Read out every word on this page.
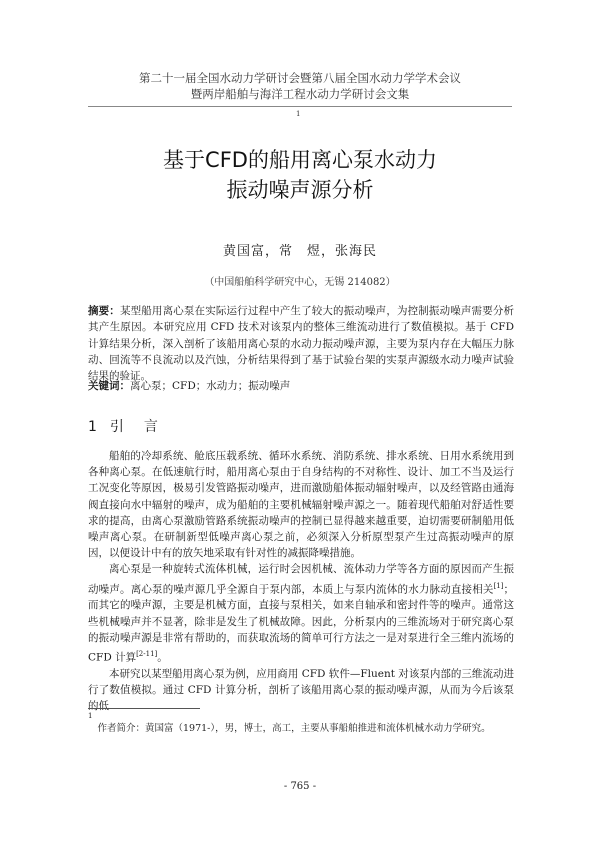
第二十一届全国水动力学研讨会暨第八届全国水动力学学术会议
暨两岸船舶与海洋工程水动力学研讨会文集
1
基于CFD的船用离心泵水动力
振动噪声源分析
黄国富，常　煜，张海民
（中国船舶科学研究中心，无锡 214082）
摘要：某型船用离心泵在实际运行过程中产生了较大的振动噪声，为控制振动噪声需要分析其产生原因。本研究应用 CFD 技术对该泵内的整体三维流动进行了数值模拟。基于 CFD 计算结果分析，深入剖析了该船用离心泵的水动力振动噪声源，主要为泵内存在大幅压力脉动、回流等不良流动以及汽蚀，分析结果得到了基于试验台架的实泵声源级水动力噪声试验结果的验证。
关键词：离心泵；CFD；水动力；振动噪声
1 引　言

船舶的冷却系统、舱底压载系统、循环水系统、消防系统、排水系统、日用水系统用到各种离心泵。在低速航行时，船用离心泵由于自身结构的不对称性、设计、加工不当及运行工况变化等原因，极易引发管路振动噪声，进而激励船体振动辐射噪声，以及经管路由通海阀直接向水中辐射的噪声，成为船舶的主要机械辐射噪声源之一。随着现代船舶对舒适性要求的提高，由离心泵激励管路系统振动噪声的控制已显得越来越重要，迫切需要研制船用低噪声离心泵。在研制新型低噪声离心泵之前，必须深入分析原型泵产生过高振动噪声的原因，以便设计中有的放矢地采取有针对性的减振降噪措施。

离心泵是一种旋转式流体机械，运行时会因机械、流体动力学等各方面的原因而产生振动噪声。离心泵的噪声源几乎全源自于泵内部，本质上与泵内流体的水力脉动直接相关[1]；而其它的噪声源，主要是机械方面，直接与泵相关，如来自轴承和密封件等的噪声。通常这些机械噪声并不显著，除非是发生了机械故障。因此，分析泵内的三维流场对于研究离心泵的振动噪声源是非常有帮助的，而获取流场的简单可行方法之一是对泵进行全三维内流场的 CFD 计算[2-11]。

本研究以某型船用离心泵为例，应用商用 CFD 软件—Fluent 对该泵内部的三维流动进行了数值模拟。通过 CFD 计算分析，剖析了该船用离心泵的振动噪声源，从而为今后该泵的低

1
作者简介：黄国富（1971-），男，博士，高工，主要从事船舶推进和流体机械水动力学研究。
- 765 -
